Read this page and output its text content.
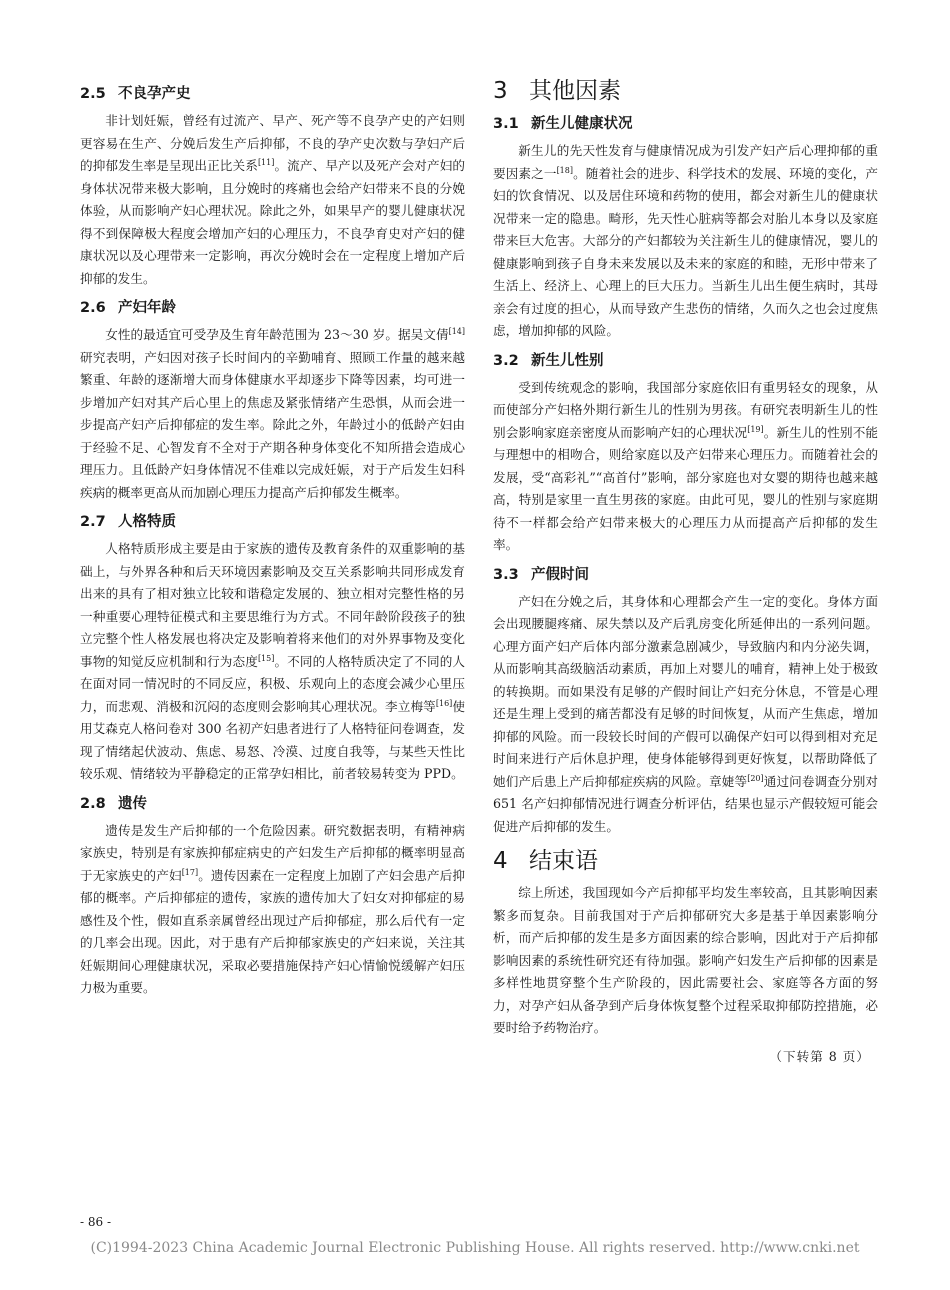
2.5 不良孕产史

非计划妊娠，曾经有过流产、早产、死产等不良孕产史的产妇则更容易在生产、分娩后发生产后抑郁，不良的孕产史次数与孕妇产后的抑郁发生率是呈现出正比关系[11]。流产、早产以及死产会对产妇的身体状况带来极大影响，且分娩时的疼痛也会给产妇带来不良的分娩体验，从而影响产妇心理状况。除此之外，如果早产的婴儿健康状况得不到保障极大程度会增加产妇的心理压力，不良孕育史对产妇的健康状况以及心理带来一定影响，再次分娩时会在一定程度上增加产后抑郁的发生。

2.6 产妇年龄

女性的最适宜可受孕及生育年龄范围为 23～30 岁。据吴文倩[14]研究表明，产妇因对孩子长时间内的辛勤哺育、照顾工作量的越来越繁重、年龄的逐渐增大而身体健康水平却逐步下降等因素，均可进一步增加产妇对其产后心里上的焦虑及紧张情绪产生恐惧，从而会进一步提高产妇产后抑郁症的发生率。除此之外，年龄过小的低龄产妇由于经验不足、心智发育不全对于产期各种身体变化不知所措会造成心理压力。且低龄产妇身体情况不佳难以完成妊娠，对于产后发生妇科疾病的概率更高从而加剧心理压力提高产后抑郁发生概率。

2.7 人格特质

人格特质形成主要是由于家族的遗传及教育条件的双重影响的基础上，与外界各种和后天环境因素影响及交互关系影响共同形成发育出来的具有了相对独立比较和谐稳定发展的、独立相对完整性格的另一种重要心理特征模式和主要思维行为方式。不同年龄阶段孩子的独立完整个性人格发展也将决定及影响着将来他们的对外界事物及变化事物的知觉反应机制和行为态度[15]。不同的人格特质决定了不同的人在面对同一情况时的不同反应，积极、乐观向上的态度会减少心里压力，而悲观、消极和沉闷的态度则会影响其心理状况。李立梅等[16]使用艾森克人格问卷对 300 名初产妇患者进行了人格特征问卷调查，发现了情绪起伏波动、焦虑、易怒、冷漠、过度自我等，与某些天性比较乐观、情绪较为平静稳定的正常孕妇相比，前者较易转变为 PPD。

2.8 遗传

遗传是发生产后抑郁的一个危险因素。研究数据表明，有精神病家族史，特别是有家族抑郁症病史的产妇发生产后抑郁的概率明显高于无家族史的产妇[17]。遗传因素在一定程度上加剧了产妇会患产后抑郁的概率。产后抑郁症的遗传，家族的遗传加大了妇女对抑郁症的易感性及个性，假如直系亲属曾经出现过产后抑郁症，那么后代有一定的几率会出现。因此，对于患有产后抑郁家族史的产妇来说，关注其妊娠期间心理健康状况，采取必要措施保持产妇心情愉悦缓解产妇压力极为重要。

3 其他因素
3.1 新生儿健康状况

新生儿的先天性发育与健康情况成为引发产妇产后心理抑郁的重要因素之一[18]。随着社会的进步、科学技术的发展、环境的变化，产妇的饮食情况、以及居住环境和药物的使用，都会对新生儿的健康状况带来一定的隐患。畸形，先天性心脏病等都会对胎儿本身以及家庭带来巨大危害。大部分的产妇都较为关注新生儿的健康情况，婴儿的健康影响到孩子自身未来发展以及未来的家庭的和睦，无形中带来了生活上、经济上、心理上的巨大压力。当新生儿出生便生病时，其母亲会有过度的担心，从而导致产生悲伤的情绪，久而久之也会过度焦虑，增加抑郁的风险。

3.2 新生儿性别

受到传统观念的影响，我国部分家庭依旧有重男轻女的现象，从而使部分产妇格外期行新生儿的性别为男孩。有研究表明新生儿的性别会影响家庭亲密度从而影响产妇的心理状况[19]。新生儿的性别不能与理想中的相吻合，则给家庭以及产妇带来心理压力。而随着社会的发展，受“高彩礼”“高首付”影响，部分家庭也对女婴的期待也越来越高，特别是家里一直生男孩的家庭。由此可见，婴儿的性别与家庭期待不一样都会给产妇带来极大的心理压力从而提高产后抑郁的发生率。

3.3 产假时间

产妇在分娩之后，其身体和心理都会产生一定的变化。身体方面会出现腰腿疼痛、尿失禁以及产后乳房变化所延伸出的一系列问题。心理方面产妇产后体内部分激素急剧减少，导致脑内和内分泌失调，从而影响其高级脑活动素质，再加上对婴儿的哺育，精神上处于极致的转换期。而如果没有足够的产假时间让产妇充分休息，不管是心理还是生理上受到的痛苦都没有足够的时间恢复，从而产生焦虑，增加抑郁的风险。而一段较长时间的产假可以确保产妇可以得到相对充足时间来进行产后休息护理，使身体能够得到更好恢复，以帮助降低了她们产后患上产后抑郁症疾病的风险。章婕等[20]通过问卷调查分别对 651 名产妇抑郁情况进行调查分析评估，结果也显示产假较短可能会促进产后抑郁的发生。

4 结束语

综上所述，我国现如今产后抑郁平均发生率较高，且其影响因素繁多而复杂。目前我国对于产后抑郁研究大多是基于单因素影响分析，而产后抑郁的发生是多方面因素的综合影响，因此对于产后抑郁影响因素的系统性研究还有待加强。影响产妇发生产后抑郁的因素是多样性地贯穿整个生产阶段的，因此需要社会、家庭等各方面的努力，对孕产妇从备孕到产后身体恢复整个过程采取抑郁防控措施，必要时给予药物治疗。

（下转第 8 页）

- 86 -
(C)1994-2023 China Academic Journal Electronic Publishing House. All rights reserved. http://www.cnki.net
